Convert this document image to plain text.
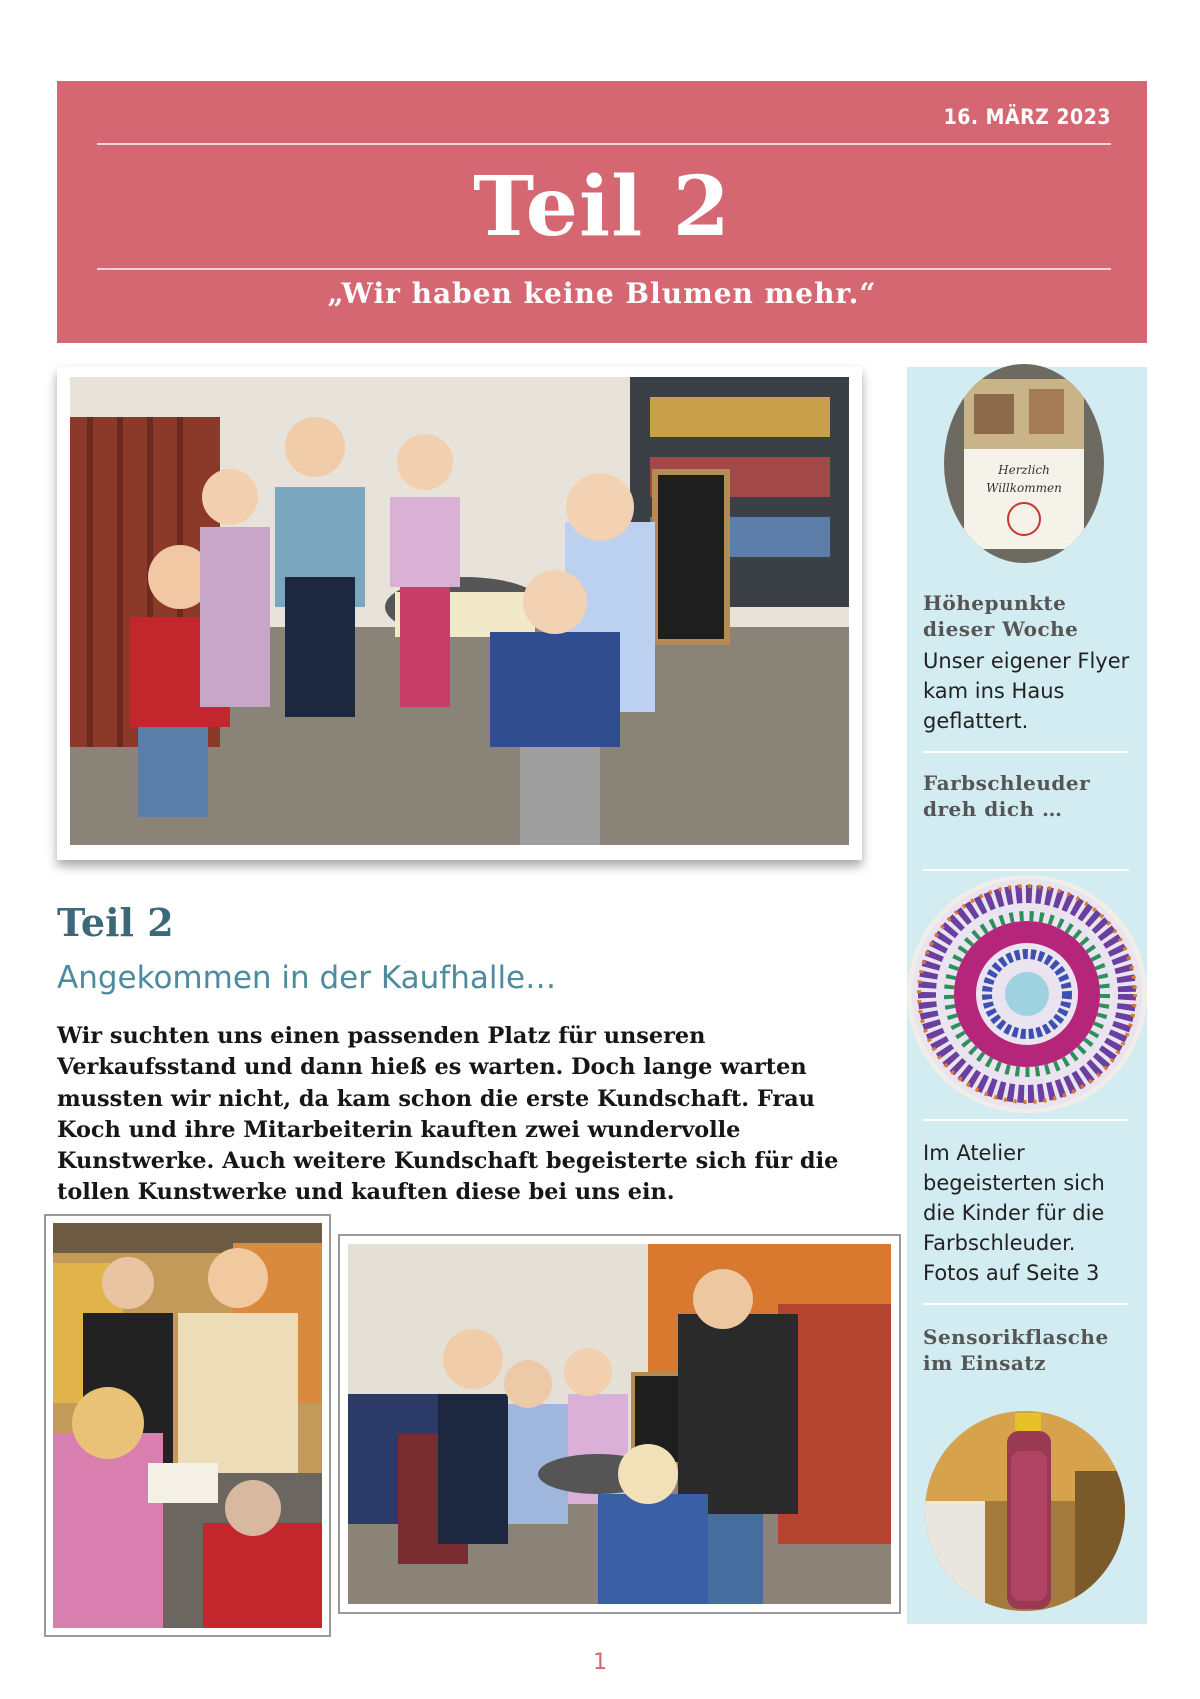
16. MÄRZ 2023
Teil 2
„Wir haben keine Blumen mehr.“
Teil 2
Angekommen in der Kaufhalle…
Wir suchten uns einen passenden Platz für unseren Verkaufsstand und dann hieß es warten. Doch lange warten mussten wir nicht, da kam schon die erste Kundschaft. Frau Koch und ihre Mitarbeiterin kauften zwei wundervolle Kunstwerke. Auch weitere Kundschaft begeisterte sich für die tollen Kunstwerke und kauften diese bei uns ein.
Herzlich
Willkommen
Höhepunkte dieser Woche
Unser eigener Flyer kam ins Haus geflattert.
Farbschleuder dreh dich …
Im Atelier begeisterten sich die Kinder für die Farbschleuder. Fotos auf Seite 3
Sensorikflasche im Einsatz
1
